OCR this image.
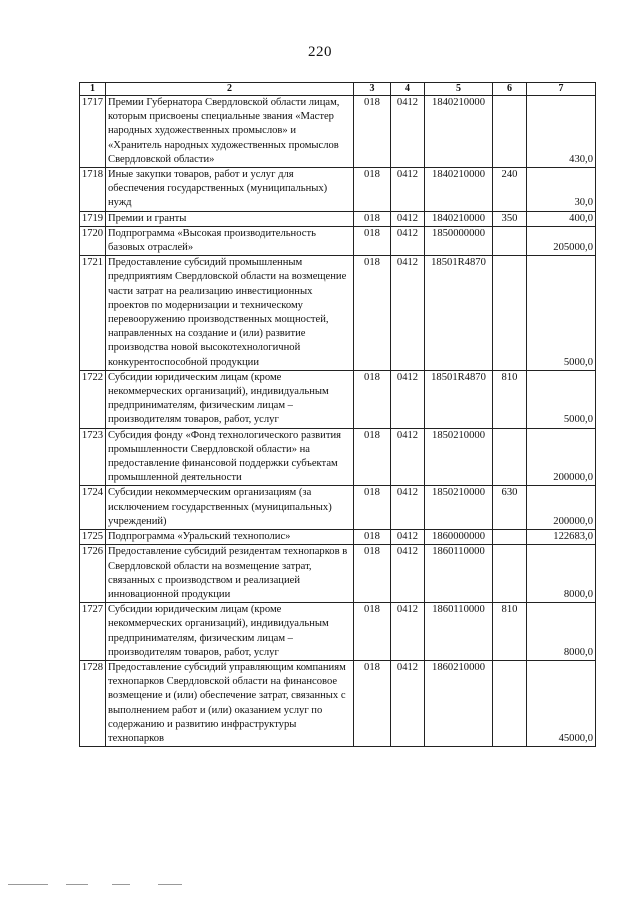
220
1	2	3	4	5	6	7
1717	Премии Губернатора Свердловской области лицам, которым присвоены специальные звания «Мастер народных художественных промыслов» и «Хранитель народных художественных промыслов Свердловской области»	018	0412	1840210000		430,0
1718	Иные закупки товаров, работ и услуг для обеспечения государственных (муниципальных) нужд	018	0412	1840210000	240	30,0
1719	Премии и гранты	018	0412	1840210000	350	400,0
1720	Подпрограмма «Высокая производительность базовых отраслей»	018	0412	1850000000		205000,0
1721	Предоставление субсидий промышленным предприятиям Свердловской области на возмещение части затрат на реализацию инвестиционных проектов по модернизации и техническому перевооружению производственных мощностей, направленных на создание и (или) развитие производства новой высокотехнологичной конкурентоспособной продукции	018	0412	18501R4870		5000,0
1722	Субсидии юридическим лицам (кроме некоммерческих организаций), индивидуальным предпринимателям, физическим лицам – производителям товаров, работ, услуг	018	0412	18501R4870	810	5000,0
1723	Субсидия фонду «Фонд технологического развития промышленности Свердловской области» на предоставление финансовой поддержки субъектам промышленной деятельности	018	0412	1850210000		200000,0
1724	Субсидии некоммерческим организациям (за исключением государственных (муниципальных) учреждений)	018	0412	1850210000	630	200000,0
1725	Подпрограмма «Уральский технополис»	018	0412	1860000000		122683,0
1726	Предоставление субсидий резидентам технопарков в Свердловской области на возмещение затрат, связанных с производством и реализацией инновационной продукции	018	0412	1860110000		8000,0
1727	Субсидии юридическим лицам (кроме некоммерческих организаций), индивидуальным предпринимателям, физическим лицам – производителям товаров, работ, услуг	018	0412	1860110000	810	8000,0
1728	Предоставление субсидий управляющим компаниям технопарков Свердловской области на финансовое возмещение и (или) обеспечение затрат, связанных с выполнением работ и (или) оказанием услуг по содержанию и развитию инфраструктуры технопарков	018	0412	1860210000		45000,0
